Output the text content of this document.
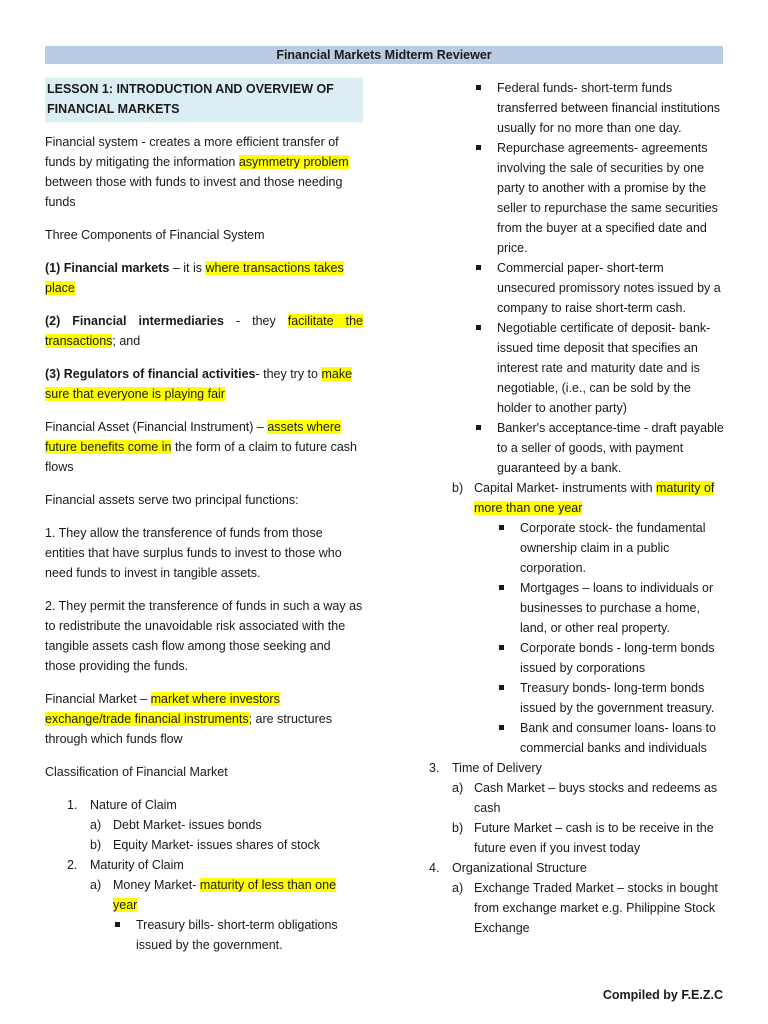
Financial Markets Midterm Reviewer
LESSON 1: INTRODUCTION AND OVERVIEW OF
FINANCIAL MARKETS

Financial system - creates a more efficient transfer of funds by mitigating the information asymmetry problem between those with funds to invest and those needing funds

Three Components of Financial System

(1) Financial markets – it is where transactions takes place

(2) Financial intermediaries - they facilitate the transactions; and

(3) Regulators of financial activities- they try to make sure that everyone is playing fair

Financial Asset (Financial Instrument) – assets where future benefits come in the form of a claim to future cash flows

Financial assets serve two principal functions:

1. They allow the transference of funds from those entities that have surplus funds to invest to those who need funds to invest in tangible assets.

2. They permit the transference of funds in such a way as to redistribute the unavoidable risk associated with the tangible assets cash flow among those seeking and those providing the funds.

Financial Market – market where investors exchange/trade financial instruments; are structures through which funds flow

Classification of Financial Market

1. Nature of Claim
a) Debt Market- issues bonds
b) Equity Market- issues shares of stock
2. Maturity of Claim
a) Money Market- maturity of less than one year
Treasury bills- short-term obligations issued by the government.
Federal funds- short-term funds transferred between financial institutions usually for no more than one day.
Repurchase agreements- agreements involving the sale of securities by one party to another with a promise by the seller to repurchase the same securities from the buyer at a specified date and price.
Commercial paper- short-term unsecured promissory notes issued by a company to raise short-term cash.
Negotiable certificate of deposit- bank-issued time deposit that specifies an interest rate and maturity date and is negotiable, (i.e., can be sold by the holder to another party)
Banker's acceptance-time - draft payable to a seller of goods, with payment guaranteed by a bank.
b) Capital Market- instruments with maturity of more than one year
Corporate stock- the fundamental ownership claim in a public corporation.
Mortgages – loans to individuals or businesses to purchase a home, land, or other real property.
Corporate bonds - long-term bonds issued by corporations
Treasury bonds- long-term bonds issued by the government treasury.
Bank and consumer loans- loans to commercial banks and individuals
3. Time of Delivery
a) Cash Market – buys stocks and redeems as cash
b) Future Market – cash is to be receive in the future even if you invest today
4. Organizational Structure
a) Exchange Traded Market – stocks in bought from exchange market e.g. Philippine Stock Exchange
Compiled by F.E.Z.C
